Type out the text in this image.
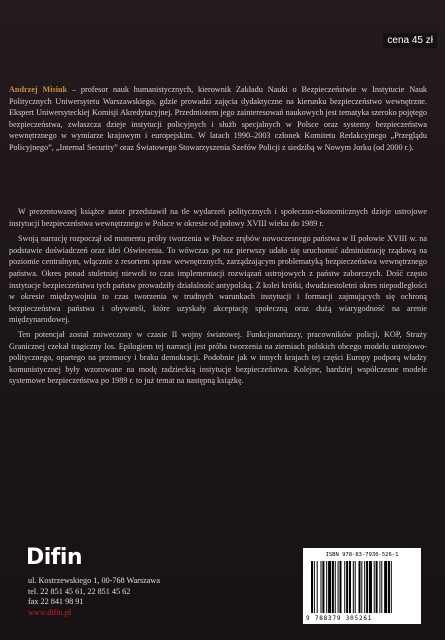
cena 45 zł
Andrzej Misiuk – profesor nauk humanistycznych, kierownik Zakładu Nauki o Bezpieczeństwie w Instytucie Nauk Politycznych Uniwersytetu Warszawskiego, gdzie prowadzi zajęcia dydaktyczne na kierunku bezpieczeństwo wewnętrzne. Ekspert Uniwersyteckiej Komisji Akredytacyjnej. Przedmiotem jego zainteresowań naukowych jest tematyka szeroko pojętego bezpieczeństwa, zwłaszcza dzieje instytucji policyjnych i służb specjalnych w Polsce oraz systemy bezpieczeństwa wewnętrznego w wymiarze krajowym i europejskim. W latach 1990–2003 członek Komitetu Redakcyjnego „Przeglądu Policyjnego”, „Internal Security” oraz Światowego Stowarzyszenia Szefów Policji z siedzibą w Nowym Jorku (od 2000 r.).

W prezentowanej książce autor przedstawił na tle wydarzeń politycznych i społeczno-ekonomicznych dzieje ustrojowe instytucji bezpieczeństwa wewnętrznego w Polsce w okresie od połowy XVIII wieku do 1989 r.

Swoją narrację rozpoczął od momentu próby tworzenia w Polsce zrębów nowoczesnego państwa w II połowie XVIII w. na podstawie doświadczeń oraz idei Oświecenia. To wówczas po raz pierwszy udało się uruchomić administrację rządową na poziomie centralnym, włącznie z resortem spraw wewnętrznych, zarządzającym problematyką bezpieczeństwa wewnętrznego państwa. Okres ponad stuletniej niewoli to czas implementacji rozwiązań ustrojowych z państw zaborczych. Dość często instytucje bezpieczeństwa tych państw prowadziły działalność antypolską. Z kolei krótki, dwudziestoletni okres niepodległości w okresie międzywojnia to czas tworzenia w trudnych warunkach instytucji i formacji zajmujących się ochroną bezpieczeństwa państwa i obywateli, które uzyskały akceptację społeczną oraz dużą wiarygodność na arenie międzynarodowej.

Ten potencjał został zniweczony w czasie II wojny światowej. Funkcjonariuszy, pracowników policji, KOP, Straży Granicznej czekał tragiczny los. Epilogiem tej narracji jest próba tworzenia na ziemiach polskich obcego modelu ustrojowo-politycznego, opartego na przemocy i braku demokracji. Podobnie jak w innych krajach tej części Europy podporą władzy komunistycznej były wzorowane na modę radzieckią instytucje bezpieczeństwa. Kolejne, bardziej współczesne modele systemowe bezpieczeństwa po 1989 r. to już temat na następną książkę.

Difin
ul. Kostrzewskiego 1, 00-768 Warszawa
tel. 22 851 45 61, 22 851 45 62
fax 22 841 98 91
www.difin.pl
ISBN 978-83-7930-526-1
9 788379 305261
